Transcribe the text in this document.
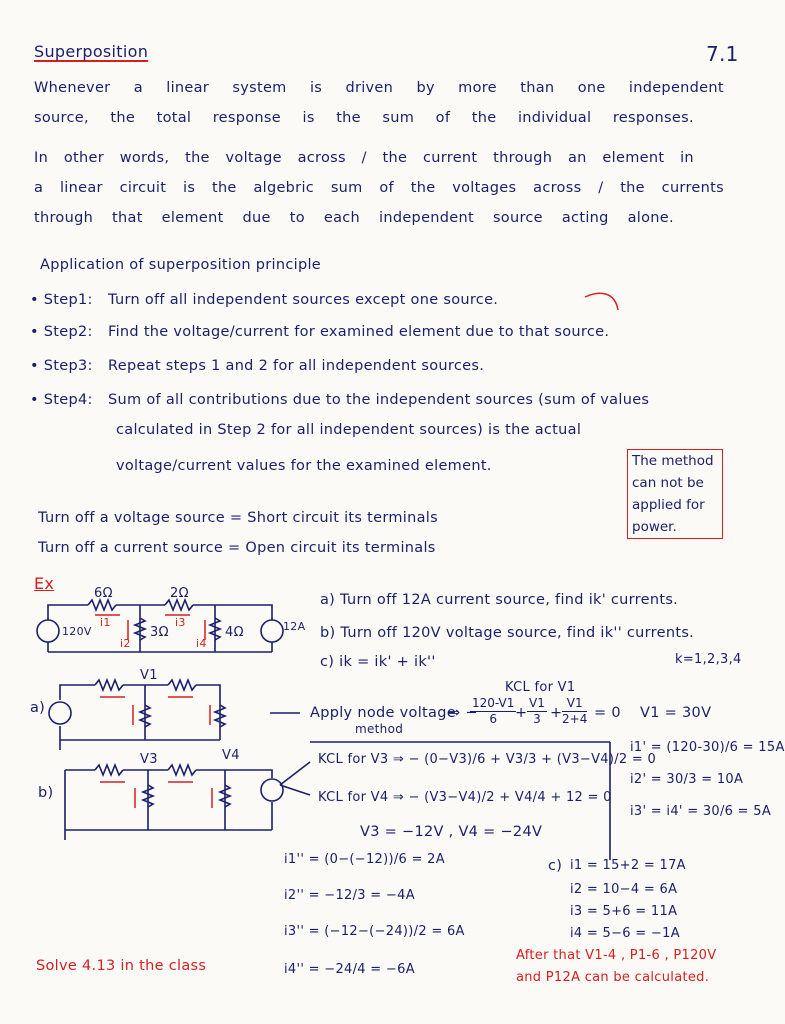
Superposition	7.1
Whenever a linear system is driven by more than one independent
source, the total response is the sum of the individual responses.
In other words, the voltage across / the current through an element in
a linear circuit is the algebric sum of the voltages across / the currents
through that element due to each independent source acting alone.
Application of superposition principle
• Step1: Turn off all independent sources except one source.
• Step2: Find the voltage/current for examined element due to that source.
• Step3: Repeat steps 1 and 2 for all independent sources.
• Step4: Sum of all contributions due to the independent sources (sum of values
calculated in Step 2 for all independent sources) is the actual
voltage/current values for the examined element.	The method
can not be
applied for
power.
Turn off a voltage source = Short circuit its terminals
Turn off a current source = Open circuit its terminals
Ex
6Ω	2Ω
3Ω	4Ω
120V	12A
i1
i2
i3
i4
a) Turn off 12A current source, find ik' currents.
b) Turn off 120V voltage source, find ik'' currents.
c) ik = ik' + ik''	k=1,2,3,4
a)
V1
Apply node voltage
method
KCL for V1
⇒ −
$\frac{120-V1}{6}$
+ $\frac{V1}{3} + \frac{V1}{2+4} = 0$ V1 = 30V
i1' = (120-30)/6 = 15A
i2' = 30/3 = 10A
i3' = i4' = 30/6 = 5A
b)
V3	V4	KCL for V3 ⇒ − (0−V3)/6 + V3/3 + (V3−V4)/2 = 0
KCL for V4 ⇒ − (V3−V4)/2 + V4/4 + 12 = 0
V3 = −12V , V4 = −24V
i1'' = (0−(−12))/6 = 2A
i2'' = −12/3 = −4A
i3'' = (−12−(−24))/2 = 6A
i4'' = −24/4 = −6A
c) i1 = 15+2 = 17A
i2 = 10−4 = 6A
i3 = 5+6 = 11A
i4 = 5−6 = −1A
Solve 4.13 in the class
After that V1-4 , P1-6 , P120V
and P12A can be calculated.
